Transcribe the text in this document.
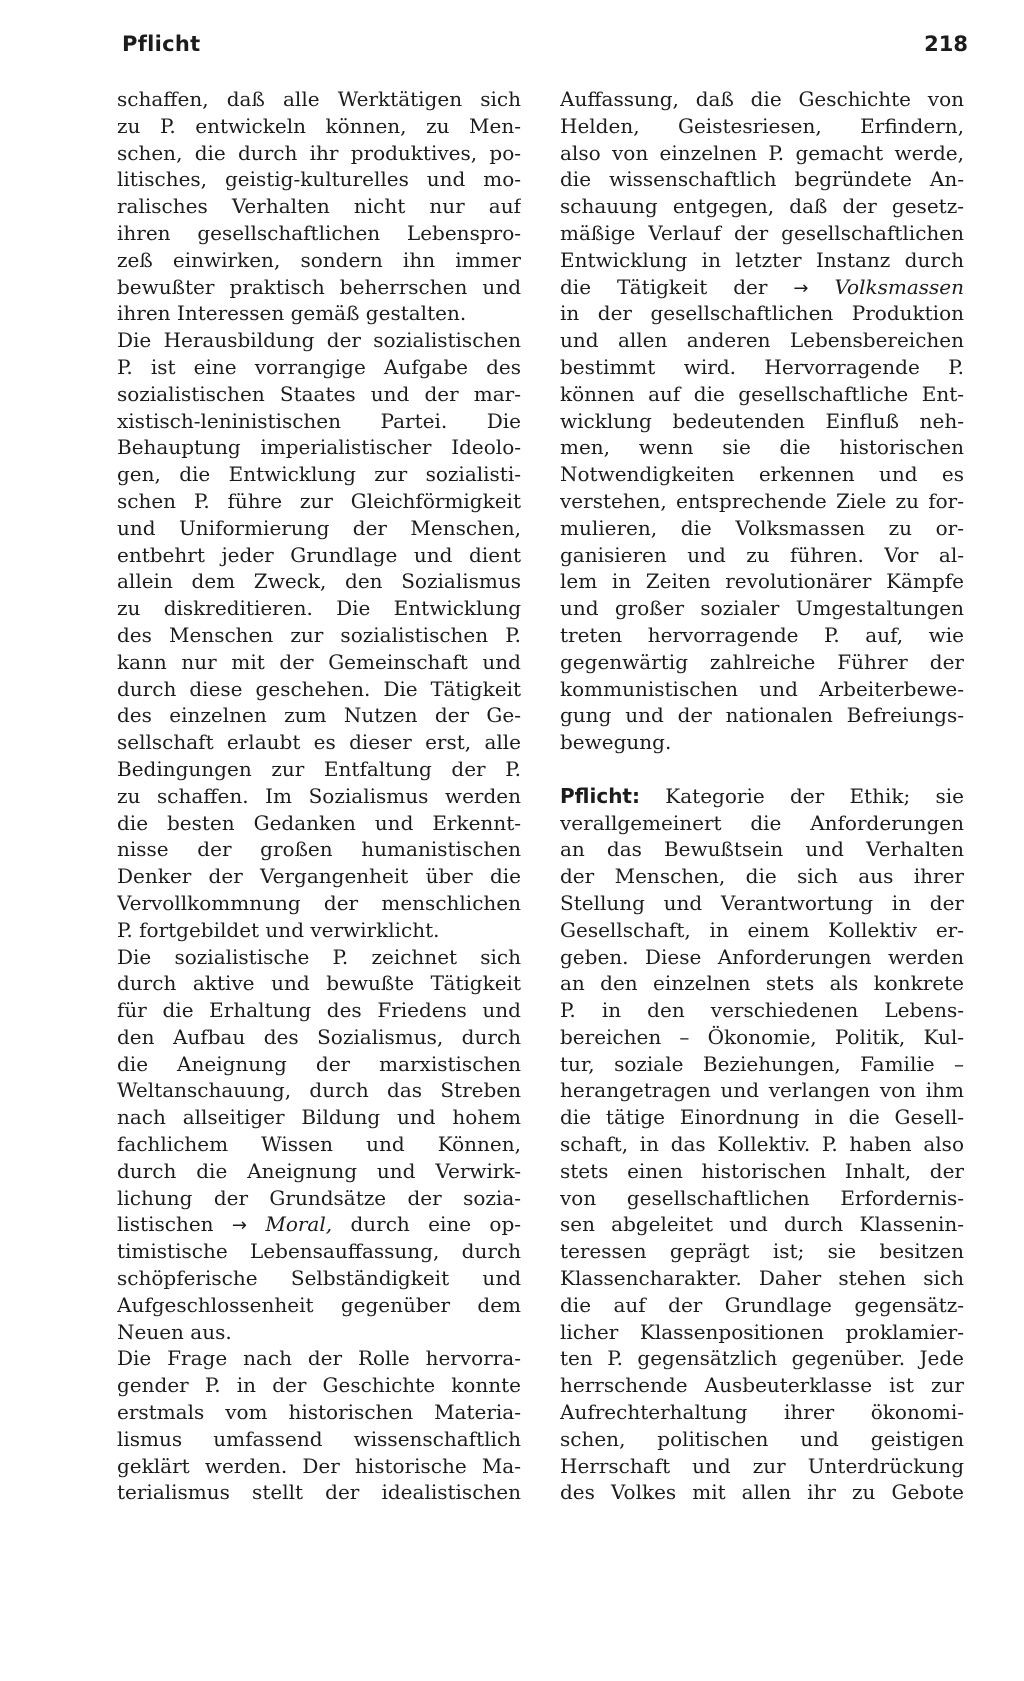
Pflicht	218
schaffen, daß alle Werktätigen sich
zu P. entwickeln können, zu Men-
schen, die durch ihr produktives, po-
litisches, geistig-kulturelles und mo-
ralisches Verhalten nicht nur auf
ihren gesellschaftlichen Lebenspro-
zeß einwirken, sondern ihn immer
bewußter praktisch beherrschen und
ihren Interessen gemäß gestalten.
Die Herausbildung der sozialistischen
P. ist eine vorrangige Aufgabe des
sozialistischen Staates und der mar-
xistisch-leninistischen Partei. Die
Behauptung imperialistischer Ideolo-
gen, die Entwicklung zur sozialisti-
schen P. führe zur Gleichförmigkeit
und Uniformierung der Menschen,
entbehrt jeder Grundlage und dient
allein dem Zweck, den Sozialismus
zu diskreditieren. Die Entwicklung
des Menschen zur sozialistischen P.
kann nur mit der Gemeinschaft und
durch diese geschehen. Die Tätigkeit
des einzelnen zum Nutzen der Ge-
sellschaft erlaubt es dieser erst, alle
Bedingungen zur Entfaltung der P.
zu schaffen. Im Sozialismus werden
die besten Gedanken und Erkennt-
nisse der großen humanistischen
Denker der Vergangenheit über die
Vervollkommnung der menschlichen
P. fortgebildet und verwirklicht.
Die sozialistische P. zeichnet sich
durch aktive und bewußte Tätigkeit
für die Erhaltung des Friedens und
den Aufbau des Sozialismus, durch
die Aneignung der marxistischen
Weltanschauung, durch das Streben
nach allseitiger Bildung und hohem
fachlichem Wissen und Können,
durch die Aneignung und Verwirk-
lichung der Grundsätze der sozia-
listischen → Moral, durch eine op-
timistische Lebensauffassung, durch
schöpferische Selbständigkeit und
Aufgeschlossenheit gegenüber dem
Neuen aus.
Die Frage nach der Rolle hervorra-
gender P. in der Geschichte konnte
erstmals vom historischen Materia-
lismus umfassend wissenschaftlich
geklärt werden. Der historische Ma-
terialismus stellt der idealistischen
Auffassung, daß die Geschichte von
Helden, Geistesriesen, Erfindern,
also von einzelnen P. gemacht werde,
die wissenschaftlich begründete An-
schauung entgegen, daß der gesetz-
mäßige Verlauf der gesellschaftlichen
Entwicklung in letzter Instanz durch
die Tätigkeit der → Volksmassen
in der gesellschaftlichen Produktion
und allen anderen Lebensbereichen
bestimmt wird. Hervorragende P.
können auf die gesellschaftliche Ent-
wicklung bedeutenden Einfluß neh-
men, wenn sie die historischen
Notwendigkeiten erkennen und es
verstehen, entsprechende Ziele zu for-
mulieren, die Volksmassen zu or-
ganisieren und zu führen. Vor al-
lem in Zeiten revolutionärer Kämpfe
und großer sozialer Umgestaltungen
treten hervorragende P. auf, wie
gegenwärtig zahlreiche Führer der
kommunistischen und Arbeiterbewe-
gung und der nationalen Befreiungs-
bewegung.
Pflicht: Kategorie der Ethik; sie
verallgemeinert die Anforderungen
an das Bewußtsein und Verhalten
der Menschen, die sich aus ihrer
Stellung und Verantwortung in der
Gesellschaft, in einem Kollektiv er-
geben. Diese Anforderungen werden
an den einzelnen stets als konkrete
P. in den verschiedenen Lebens-
bereichen – Ökonomie, Politik, Kul-
tur, soziale Beziehungen, Familie –
herangetragen und verlangen von ihm
die tätige Einordnung in die Gesell-
schaft, in das Kollektiv. P. haben also
stets einen historischen Inhalt, der
von gesellschaftlichen Erfordernis-
sen abgeleitet und durch Klassenin-
teressen geprägt ist; sie besitzen
Klassencharakter. Daher stehen sich
die auf der Grundlage gegensätz-
licher Klassenpositionen proklamier-
ten P. gegensätzlich gegenüber. Jede
herrschende Ausbeuterklasse ist zur
Aufrechterhaltung ihrer ökonomi-
schen, politischen und geistigen
Herrschaft und zur Unterdrückung
des Volkes mit allen ihr zu Gebote
